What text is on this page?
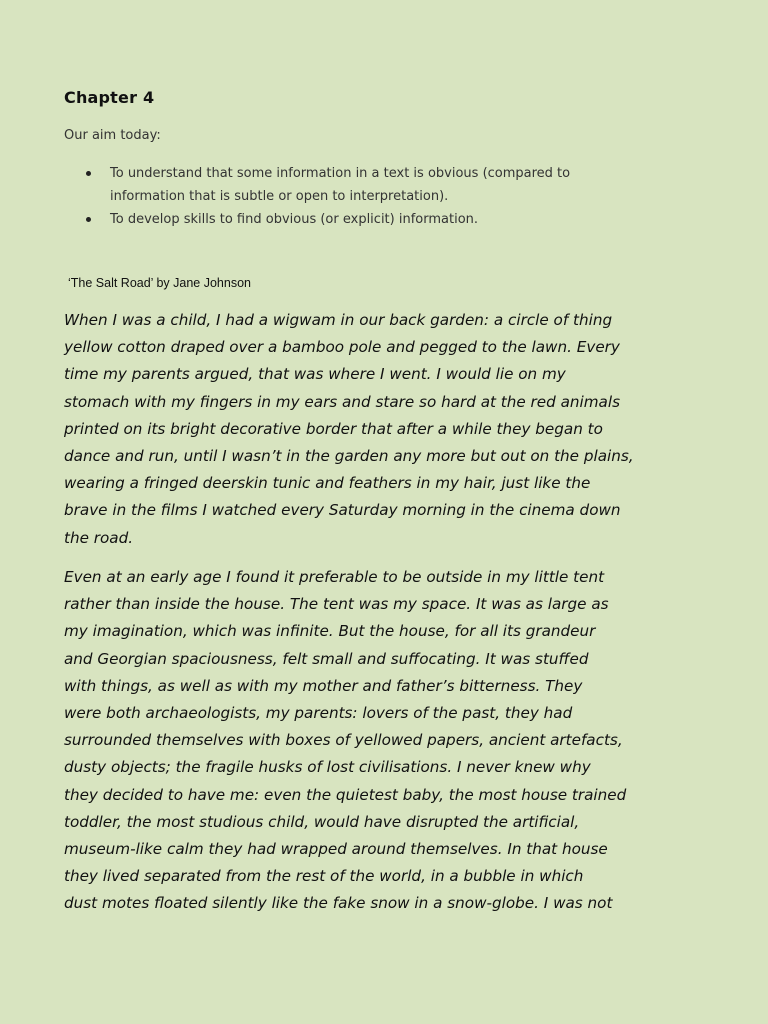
Chapter 4

Our aim today:

To understand that some information in a text is obvious (compared to information that is subtle or open to interpretation).
To develop skills to find obvious (or explicit) information.

‘The Salt Road’ by Jane Johnson

When I was a child, I had a wigwam in our back garden: a circle of thing
yellow cotton draped over a bamboo pole and pegged to the lawn. Every
time my parents argued, that was where I went. I would lie on my
stomach with my fingers in my ears and stare so hard at the red animals
printed on its bright decorative border that after a while they began to
dance and run, until I wasn’t in the garden any more but out on the plains,
wearing a fringed deerskin tunic and feathers in my hair, just like the
brave in the films I watched every Saturday morning in the cinema down
the road.

Even at an early age I found it preferable to be outside in my little tent
rather than inside the house. The tent was my space. It was as large as
my imagination, which was infinite. But the house, for all its grandeur
and Georgian spaciousness, felt small and suffocating. It was stuffed
with things, as well as with my mother and father’s bitterness. They
were both archaeologists, my parents: lovers of the past, they had
surrounded themselves with boxes of yellowed papers, ancient artefacts,
dusty objects; the fragile husks of lost civilisations. I never knew why
they decided to have me: even the quietest baby, the most house trained
toddler, the most studious child, would have disrupted the artificial,
museum-like calm they had wrapped around themselves. In that house
they lived separated from the rest of the world, in a bubble in which
dust motes floated silently like the fake snow in a snow-globe. I was not
